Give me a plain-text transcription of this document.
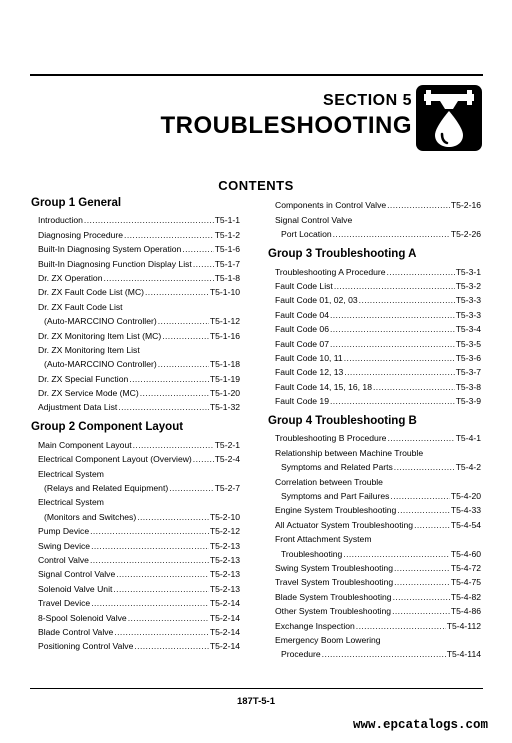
SECTION 5
TROUBLESHOOTING
CONTENTS
Group 1 General
Introduction .....	T5-1-1
Diagnosing Procedure .....	T5-1-2
Built-In Diagnosing System Operation .....	T5-1-6
Built-In Diagnosing Function Display List .....	T5-1-7
Dr. ZX Operation .....	T5-1-8
Dr. ZX Fault Code List (MC) .....	T5-1-10
Dr. ZX Fault Code List
(Auto-MARCCINO Controller) .....	T5-1-12
Dr. ZX Monitoring Item List (MC) .....	T5-1-16
Dr. ZX Monitoring Item List
(Auto-MARCCINO Controller) .....	T5-1-18
Dr. ZX Special Function .....	T5-1-19
Dr. ZX Service Mode (MC) .....	T5-1-20
Adjustment Data List .....	T5-1-32
Group 2 Component Layout
Main Component Layout .....	T5-2-1
Electrical Component Layout (Overview) .....	T5-2-4
Electrical System
(Relays and Related Equipment) .....	T5-2-7
Electrical System
(Monitors and Switches) .....	T5-2-10
Pump Device .....	T5-2-12
Swing Device .....	T5-2-13
Control Valve .....	T5-2-13
Signal Control Valve .....	T5-2-13
Solenoid Valve Unit .....	T5-2-13
Travel Device .....	T5-2-14
8-Spool Solenoid Valve .....	T5-2-14
Blade Control Valve .....	T5-2-14
Positioning Control Valve .....	T5-2-14
Components in Control Valve .....	T5-2-16
Signal Control Valve
Port Location .....	T5-2-26
Group 3 Troubleshooting A
Troubleshooting A Procedure .....	T5-3-1
Fault Code List .....	T5-3-2
Fault Code 01, 02, 03 .....	T5-3-3
Fault Code 04 .....	T5-3-3
Fault Code 06 .....	T5-3-4
Fault Code 07 .....	T5-3-5
Fault Code 10, 11 .....	T5-3-6
Fault Code 12, 13 .....	T5-3-7
Fault Code 14, 15, 16, 18 .....	T5-3-8
Fault Code 19 .....	T5-3-9
Group 4 Troubleshooting B
Troubleshooting B Procedure .....	T5-4-1
Relationship between Machine Trouble
Symptoms and Related Parts .....	T5-4-2
Correlation between Trouble
Symptoms and Part Failures .....	T5-4-20
Engine System Troubleshooting .....	T5-4-33
All Actuator System Troubleshooting .....	T5-4-54
Front Attachment System
Troubleshooting .....	T5-4-60
Swing System Troubleshooting .....	T5-4-72
Travel System Troubleshooting .....	T5-4-75
Blade System Troubleshooting .....	T5-4-82
Other System Troubleshooting .....	T5-4-86
Exchange Inspection .....	T5-4-112
Emergency Boom Lowering
Procedure .....	T5-4-114
187T-5-1
www.epcatalogs.com
